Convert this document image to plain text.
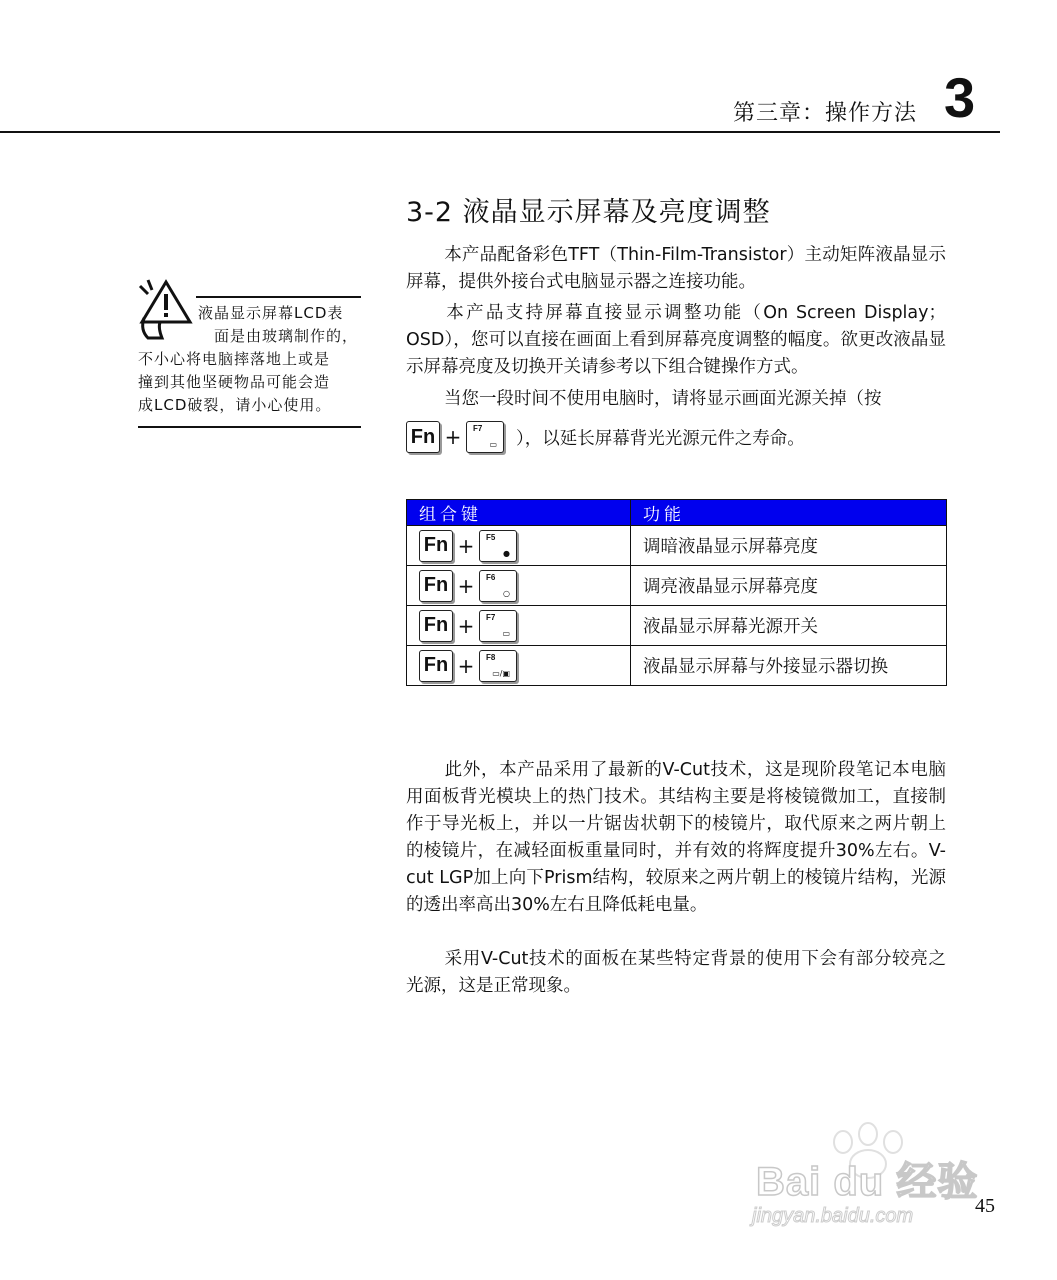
第三章：操作方法 3
3-2 液晶显示屏幕及亮度调整

本产品配备彩色TFT（Thin-Film-Transistor）主动矩阵液晶显示屏幕，提供外接台式电脑显示器之连接功能。

本产品支持屏幕直接显示调整功能（On Screen Display；OSD），您可以直接在画面上看到屏幕亮度调整的幅度。欲更改液晶显示屏幕亮度及切换开关请参考以下组合键操作方式。

当您一段时间不使用电脑时，请将显示画面光源关掉（按

Fn +	F7
▭ ），以延长屏幕背光光源元件之寿命。
液晶显示屏幕LCD表
面是由玻璃制作的，
不小心将电脑摔落地上或是
撞到其他坚硬物品可能会造
成LCD破裂，请小心使用。
组合键	功能

Fn + F5
●	调暗液晶显示屏幕亮度

Fn + F6
○	调亮液晶显示屏幕亮度

Fn + F7
▭	液晶显示屏幕光源开关

Fn + F8
▭/▣	液晶显示屏幕与外接显示器切换

此外，本产品采用了最新的V-Cut技术，这是现阶段笔记本电脑用面板背光模块上的热门技术。其结构主要是将棱镜微加工，直接制作于导光板上，并以一片锯齿状朝下的棱镜片，取代原来之两片朝上的棱镜片，在减轻面板重量同时，并有效的将辉度提升30%左右。V-cut LGP加上向下Prism结构，较原来之两片朝上的棱镜片结构，光源的透出率高出30%左右且降低耗电量。

采用V-Cut技术的面板在某些特定背景的使用下会有部分较亮之光源，这是正常现象。

Bai du 经验
jingyan.baidu.com	45
